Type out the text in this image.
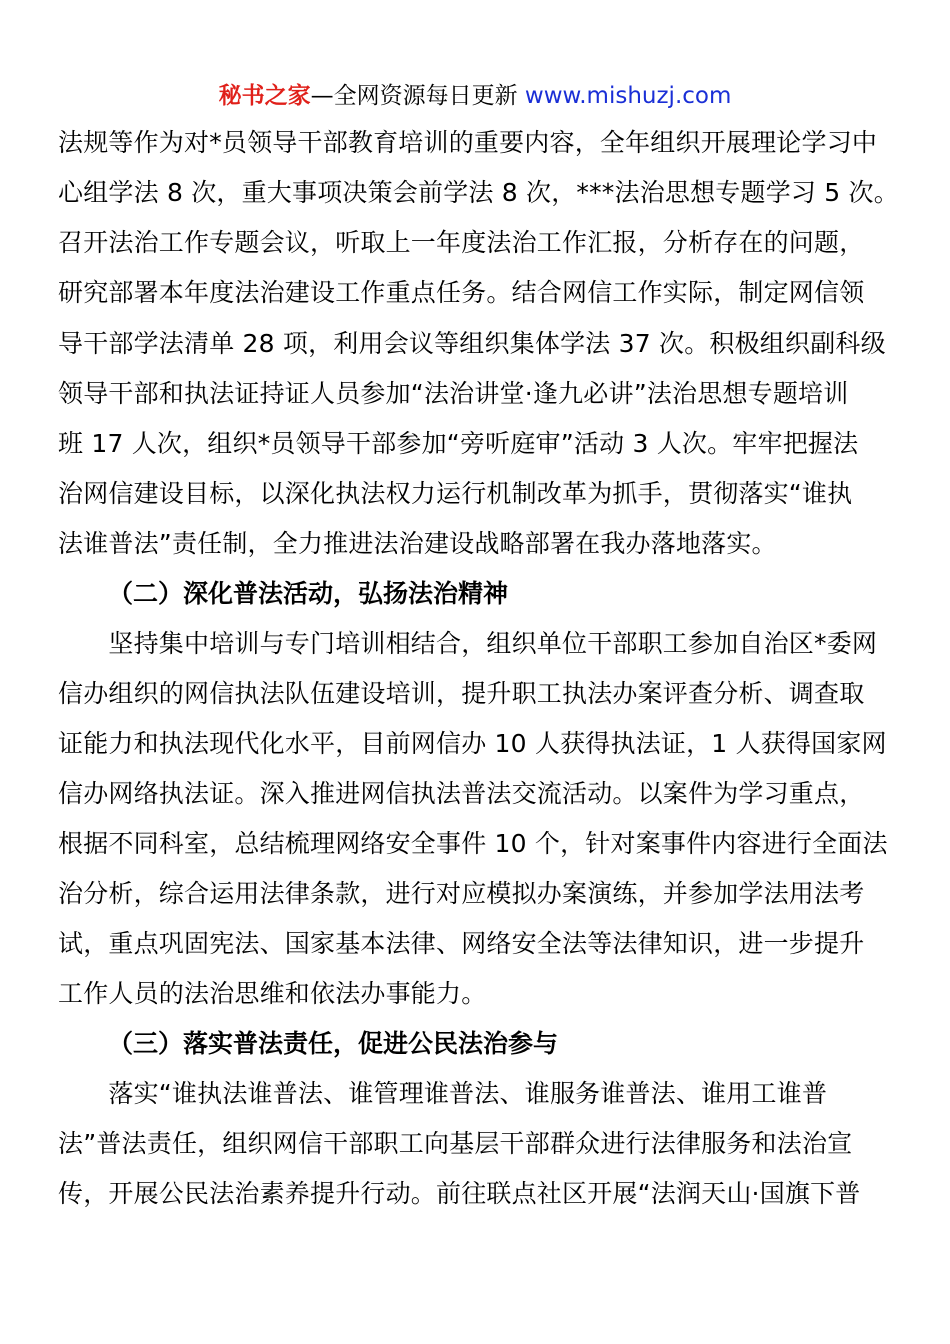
秘书之家—全网资源每日更新 www.mishuzj.com
法规等作为对*员领导干部教育培训的重要内容，全年组织开展理论学习中
心组学法 8 次，重大事项决策会前学法 8 次，***法治思想专题学习 5 次。
召开法治工作专题会议，听取上一年度法治工作汇报，分析存在的问题，
研究部署本年度法治建设工作重点任务。结合网信工作实际，制定网信领
导干部学法清单 28 项，利用会议等组织集体学法 37 次。积极组织副科级
领导干部和执法证持证人员参加“法治讲堂·逢九必讲”法治思想专题培训
班 17 人次，组织*员领导干部参加“旁听庭审”活动 3 人次。牢牢把握法
治网信建设目标，以深化执法权力运行机制改革为抓手，贯彻落实“谁执
法谁普法”责任制，全力推进法治建设战略部署在我办落地落实。
（二）深化普法活动，弘扬法治精神
　　坚持集中培训与专门培训相结合，组织单位干部职工参加自治区*委网
信办组织的网信执法队伍建设培训，提升职工执法办案评查分析、调查取
证能力和执法现代化水平，目前网信办 10 人获得执法证，1 人获得国家网
信办网络执法证。深入推进网信执法普法交流活动。以案件为学习重点，
根据不同科室，总结梳理网络安全事件 10 个，针对案事件内容进行全面法
治分析，综合运用法律条款，进行对应模拟办案演练，并参加学法用法考
试，重点巩固宪法、国家基本法律、网络安全法等法律知识，进一步提升
工作人员的法治思维和依法办事能力。
（三）落实普法责任，促进公民法治参与
　　落实“谁执法谁普法、谁管理谁普法、谁服务谁普法、谁用工谁普
法”普法责任，组织网信干部职工向基层干部群众进行法律服务和法治宣
传，开展公民法治素养提升行动。前往联点社区开展“法润天山·国旗下普
